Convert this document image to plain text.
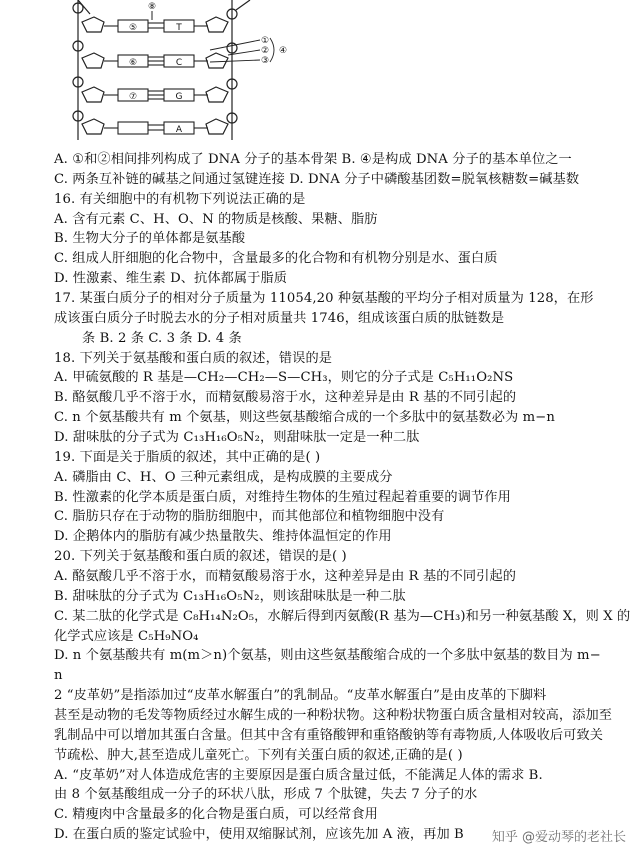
⑤	T
⑥	C
⑦	G
A
⑧
①
②
③
④
A. ①和②相间排列构成了 DNA 分子的基本骨架 B. ④是构成 DNA 分子的基本单位之一
C. 两条互补链的碱基之间通过氢键连接 D. DNA 分子中磷酸基团数=脱氧核糖数=碱基数
16. 有关细胞中的有机物下列说法正确的是
A. 含有元素 C、H、O、N 的物质是核酸、果糖、脂肪
B. 生物大分子的单体都是氨基酸
C. 组成人肝细胞的化合物中，含量最多的化合物和有机物分别是水、蛋白质
D. 性激素、维生素 D、抗体都属于脂质
17. 某蛋白质分子的相对分子质量为 11054,20 种氨基酸的平均分子相对质量为 128，在形
成该蛋白质分子时脱去水的分子相对质量共 1746，组成该蛋白质的肽链数是
条 B. 2 条 C. 3 条 D. 4 条
18. 下列关于氨基酸和蛋白质的叙述，错误的是
A. 甲硫氨酸的 R 基是—CH₂—CH₂—S—CH₃，则它的分子式是 C₅H₁₁O₂NS
B. 酪氨酸几乎不溶于水，而精氨酸易溶于水，这种差异是由 R 基的不同引起的
C. n 个氨基酸共有 m 个氨基，则这些氨基酸缩合成的一个多肽中的氨基数必为 m−n
D. 甜味肽的分子式为 C₁₃H₁₆O₅N₂，则甜味肽一定是一种二肽
19. 下面是关于脂质的叙述，其中正确的是( )
A. 磷脂由 C、H、O 三种元素组成，是构成膜的主要成分
B. 性激素的化学本质是蛋白质，对维持生物体的生殖过程起着重要的调节作用
C. 脂肪只存在于动物的脂肪细胞中，而其他部位和植物细胞中没有
D. 企鹅体内的脂肪有减少热量散失、维持体温恒定的作用
20. 下列关于氨基酸和蛋白质的叙述，错误的是( )
A. 酪氨酸几乎不溶于水，而精氨酸易溶于水，这种差异是由 R 基的不同引起的
B. 甜味肽的分子式为 C₁₃H₁₆O₅N₂，则该甜味肽是一种二肽
C. 某二肽的化学式是 C₈H₁₄N₂O₅，水解后得到丙氨酸(R 基为—CH₃)和另一种氨基酸 X，则 X 的
化学式应该是 C₅H₉NO₄
D. n 个氨基酸共有 m(m＞n)个氨基，则由这些氨基酸缩合成的一个多肽中氨基的数目为 m−
n
2 “皮革奶”是指添加过“皮革水解蛋白”的乳制品。“皮革水解蛋白”是由皮革的下脚料
甚至是动物的毛发等物质经过水解生成的一种粉状物。这种粉状物蛋白质含量相对较高，添加至
乳制品中可以增加其蛋白含量。但其中含有重铬酸钾和重铬酸钠等有毒物质,人体吸收后可致关
节疏松、肿大,甚至造成儿童死亡。下列有关蛋白质的叙述,正确的是( )
A. “皮革奶”对人体造成危害的主要原因是蛋白质含量过低，不能满足人体的需求 B.
由 8 个氨基酸组成一分子的环状八肽，形成 7 个肽键，失去 7 分子的水
C. 精瘦肉中含量最多的化合物是蛋白质，可以经常食用
D. 在蛋白质的鉴定试验中，使用双缩脲试剂，应该先加 A 液，再加 B	知乎 @爱动琴的老社长
